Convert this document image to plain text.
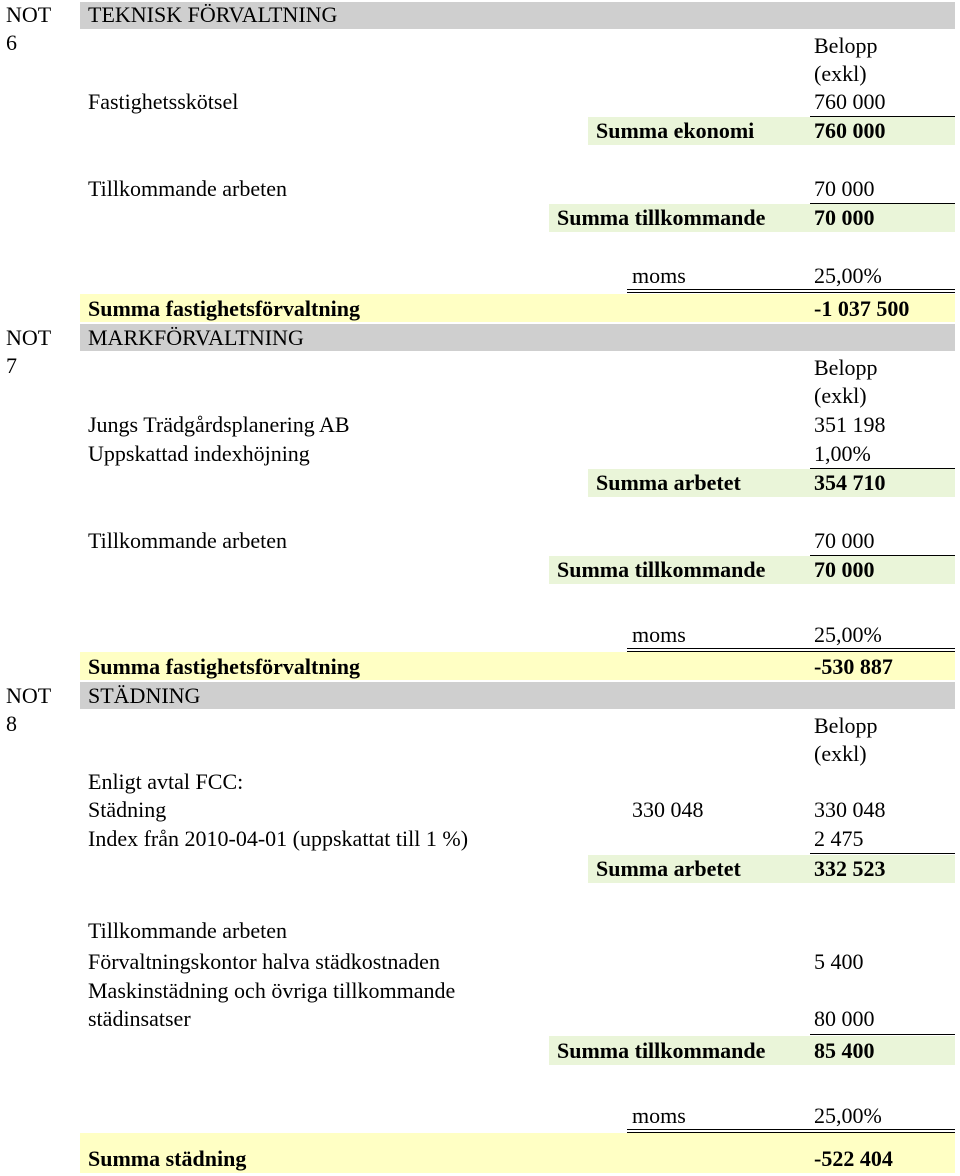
NOT
6
TEKNISK FÖRVALTNING
Belopp
(exkl)
Fastighetsskötsel	760 000
Summa ekonomi	760 000
Tillkommande arbeten	70 000
Summa tillkommande 70 000
moms	25,00%
Summa fastighetsförvaltning	-1 037 500
NOT
7
MARKFÖRVALTNING
Belopp
(exkl)
Jungs Trädgårdsplanering AB	351 198
Uppskattad indexhöjning	1,00%
Summa arbetet	354 710
Tillkommande arbeten	70 000
Summa tillkommande 70 000
moms	25,00%
Summa fastighetsförvaltning	-530 887
NOT
8
STÄDNING
Belopp
(exkl)
Enligt avtal FCC:
Städning	330 048	330 048
Index från 2010-04-01 (uppskattat till 1 %)	2 475
Summa arbetet	332 523
Tillkommande arbeten
Förvaltningskontor halva städkostnaden	5 400
Maskinstädning och övriga tillkommande
städinsatser	80 000
Summa tillkommande 85 400
moms	25,00%
Summa städning	-522 404
